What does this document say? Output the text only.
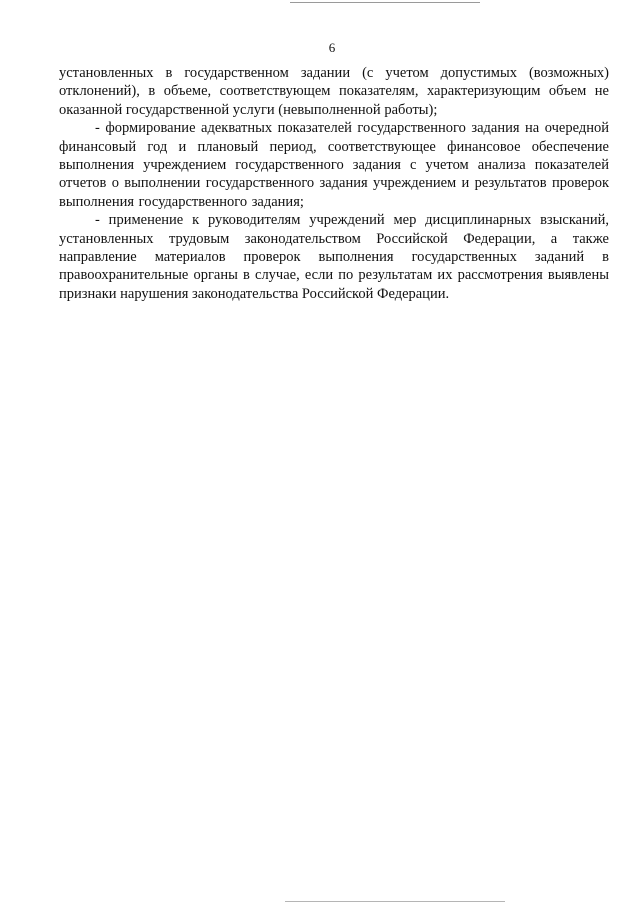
6

установленных в государственном задании (с учетом допустимых (возможных) отклонений), в объеме, соответствующем показателям, характеризующим объем не оказанной государственной услуги (невыполненной работы);

- формирование адекватных показателей государственного задания на очередной финансовый год и плановый период, соответствующее финансовое обеспечение выполнения учреждением государственного задания с учетом анализа показателей отчетов о выполнении государственного задания учреждением и результатов проверок выполнения государственного задания;

- применение к руководителям учреждений мер дисциплинарных взысканий, установленных трудовым законодательством Российской Федерации, а также направление материалов проверок выполнения государственных заданий в правоохранительные органы в случае, если по результатам их рассмотрения выявлены признаки нарушения законодательства Российской Федерации.
